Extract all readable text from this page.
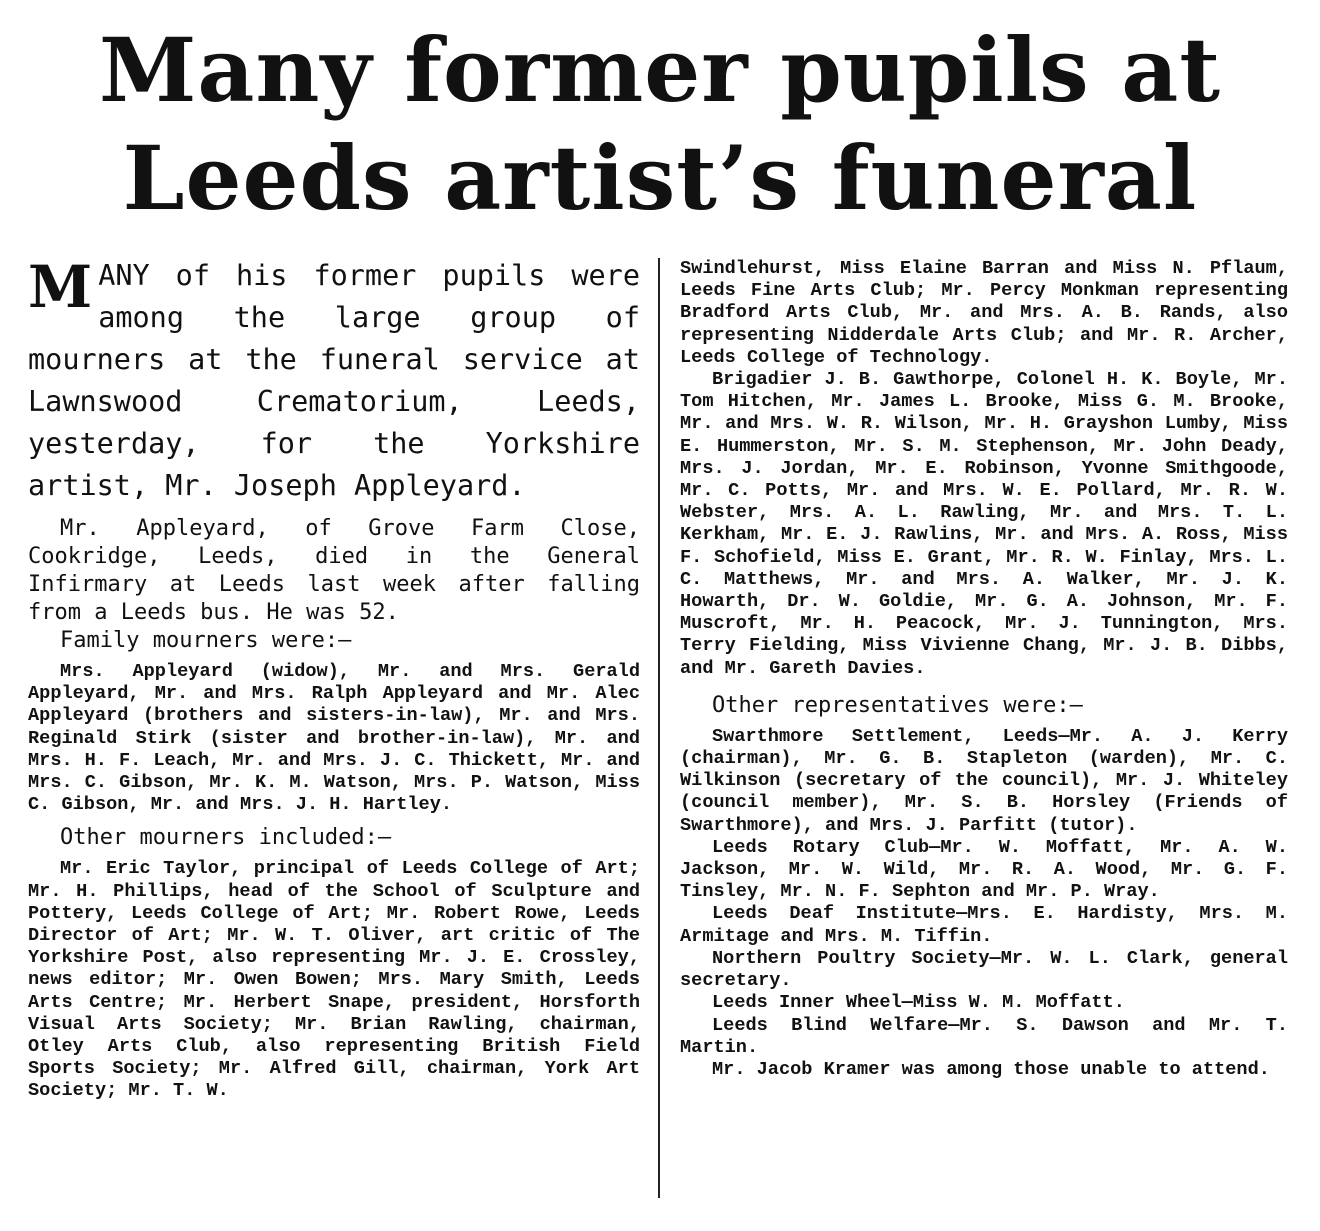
Many former pupils at
Leeds artist’s funeral

MANY of his former pupils were among the large group of mourners at the funeral service at Lawnswood Crematorium, Leeds, yesterday, for the Yorkshire artist, Mr. Joseph Appleyard.

Mr. Appleyard, of Grove Farm Close, Cookridge, Leeds, died in the General Infirmary at Leeds last week after falling from a Leeds bus. He was 52.

Family mourners were:—

Mrs. Appleyard (widow), Mr. and Mrs. Gerald Appleyard, Mr. and Mrs. Ralph Appleyard and Mr. Alec Appleyard (brothers and sisters-in-law), Mr. and Mrs. Reginald Stirk (sister and brother-in-law), Mr. and Mrs. H. F. Leach, Mr. and Mrs. J. C. Thickett, Mr. and Mrs. C. Gibson, Mr. K. M. Watson, Mrs. P. Watson, Miss C. Gibson, Mr. and Mrs. J. H. Hartley.

Other mourners included:—

Mr. Eric Taylor, principal of Leeds College of Art; Mr. H. Phillips, head of the School of Sculpture and Pottery, Leeds College of Art; Mr. Robert Rowe, Leeds Director of Art; Mr. W. T. Oliver, art critic of The Yorkshire Post, also representing Mr. J. E. Crossley, news editor; Mr. Owen Bowen; Mrs. Mary Smith, Leeds Arts Centre; Mr. Herbert Snape, president, Horsforth Visual Arts Society; Mr. Brian Rawling, chairman, Otley Arts Club, also representing British Field Sports Society; Mr. Alfred Gill, chairman, York Art Society; Mr. T. W.

Swindlehurst, Miss Elaine Barran and Miss N. Pflaum, Leeds Fine Arts Club; Mr. Percy Monkman representing Bradford Arts Club, Mr. and Mrs. A. B. Rands, also representing Nidderdale Arts Club; and Mr. R. Archer, Leeds College of Technology.

Brigadier J. B. Gawthorpe, Colonel H. K. Boyle, Mr. Tom Hitchen, Mr. James L. Brooke, Miss G. M. Brooke, Mr. and Mrs. W. R. Wilson, Mr. H. Grayshon Lumby, Miss E. Hummerston, Mr. S. M. Stephenson, Mr. John Deady, Mrs. J. Jordan, Mr. E. Robinson, Yvonne Smithgoode, Mr. C. Potts, Mr. and Mrs. W. E. Pollard, Mr. R. W. Webster, Mrs. A. L. Rawling, Mr. and Mrs. T. L. Kerkham, Mr. E. J. Rawlins, Mr. and Mrs. A. Ross, Miss F. Schofield, Miss E. Grant, Mr. R. W. Finlay, Mrs. L. C. Matthews, Mr. and Mrs. A. Walker, Mr. J. K. Howarth, Dr. W. Goldie, Mr. G. A. Johnson, Mr. F. Muscroft, Mr. H. Peacock, Mr. J. Tunnington, Mrs. Terry Fielding, Miss Vivienne Chang, Mr. J. B. Dibbs, and Mr. Gareth Davies.

Other representatives were:—

Swarthmore Settlement, Leeds—Mr. A. J. Kerry (chairman), Mr. G. B. Stapleton (warden), Mr. C. Wilkinson (secretary of the council), Mr. J. Whiteley (council member), Mr. S. B. Horsley (Friends of Swarthmore), and Mrs. J. Parfitt (tutor).

Leeds Rotary Club—Mr. W. Moffatt, Mr. A. W. Jackson, Mr. W. Wild, Mr. R. A. Wood, Mr. G. F. Tinsley, Mr. N. F. Sephton and Mr. P. Wray.

Leeds Deaf Institute—Mrs. E. Hardisty, Mrs. M. Armitage and Mrs. M. Tiffin.

Northern Poultry Society—Mr. W. L. Clark, general secretary.

Leeds Inner Wheel—Miss W. M. Moffatt.

Leeds Blind Welfare—Mr. S. Dawson and Mr. T. Martin.

Mr. Jacob Kramer was among those unable to attend.
